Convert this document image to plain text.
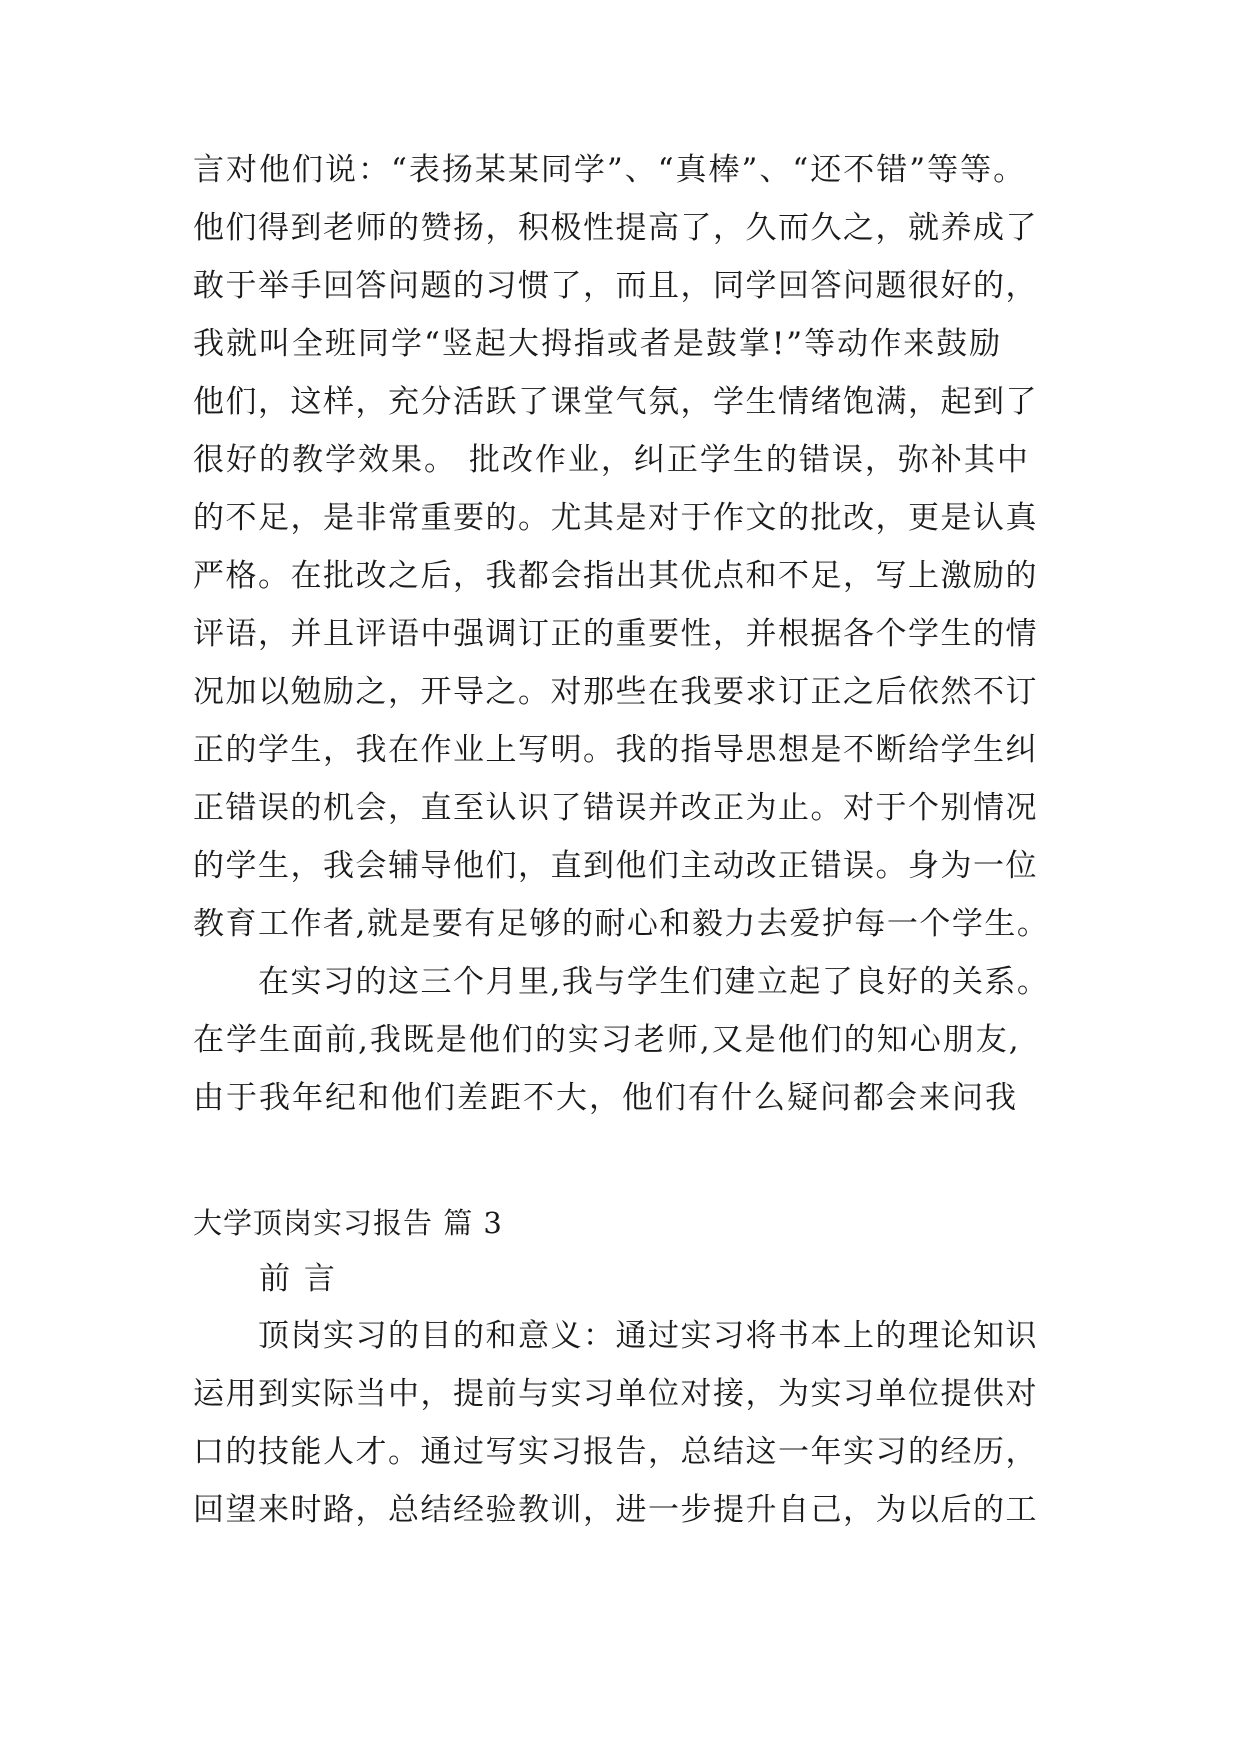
言对他们说：“表扬某某同学”、“真棒”、“还不错”等等。
他们得到老师的赞扬，积极性提高了，久而久之，就养成了
敢于举手回答问题的习惯了，而且，同学回答问题很好的，
我就叫全班同学“竖起大拇指或者是鼓掌!”等动作来鼓励
他们，这样，充分活跃了课堂气氛，学生情绪饱满，起到了
很好的教学效果。 批改作业，纠正学生的错误，弥补其中
的不足，是非常重要的。尤其是对于作文的批改，更是认真
严格。在批改之后，我都会指出其优点和不足，写上激励的
评语，并且评语中强调订正的重要性，并根据各个学生的情
况加以勉励之，开导之。对那些在我要求订正之后依然不订
正的学生，我在作业上写明。我的指导思想是不断给学生纠
正错误的机会，直至认识了错误并改正为止。对于个别情况
的学生，我会辅导他们，直到他们主动改正错误。身为一位
教育工作者,就是要有足够的耐心和毅力去爱护每一个学生。
　　在实习的这三个月里,我与学生们建立起了良好的关系。
在学生面前,我既是他们的实习老师,又是他们的知心朋友,
由于我年纪和他们差距不大，他们有什么疑问都会来问我
大学顶岗实习报告 篇 3
　　前 言
　　顶岗实习的目的和意义：通过实习将书本上的理论知识
运用到实际当中，提前与实习单位对接，为实习单位提供对
口的技能人才。通过写实习报告，总结这一年实习的经历，
回望来时路，总结经验教训，进一步提升自己，为以后的工
